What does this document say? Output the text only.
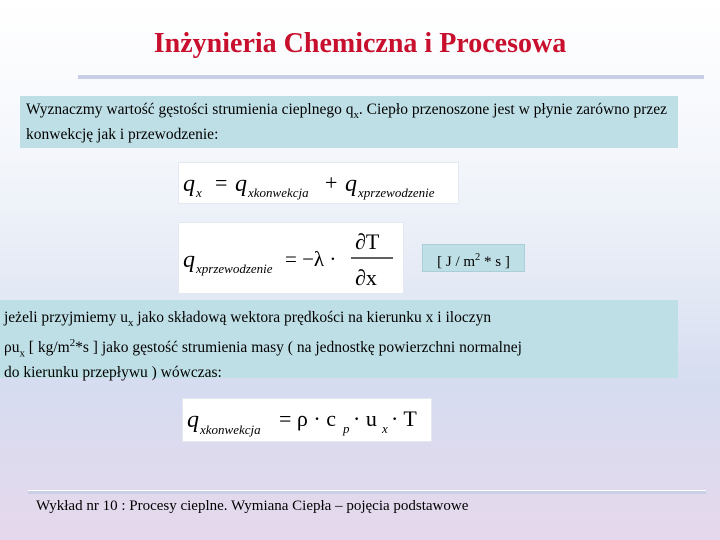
Inżynieria Chemiczna i Procesowa
Wyznaczmy wartość gęstości strumienia cieplnego $q_x$. Ciepło przenoszone jest w płynie zarówno przez konwekcję jak i przewodzenie:
q x = q xkonwekcja + q xprzewodzenie
q xprzewodzenie = −λ ·
∂T
∂x
[ J / $m^2$ * s ]
jeżeli przyjmiemy $u_x$ jako składową wektora prędkości na kierunku x i iloczyn
$\rho u_x$ [ $kg/m^2*s$ ] jako gęstość strumienia masy ( na jednostkę powierzchni normalnej
do kierunku przepływu ) wówczas:
q xkonwekcja = ρ · c p · u x · T
Wykład nr 10 : Procesy cieplne. Wymiana Ciepła – pojęcia podstawowe
